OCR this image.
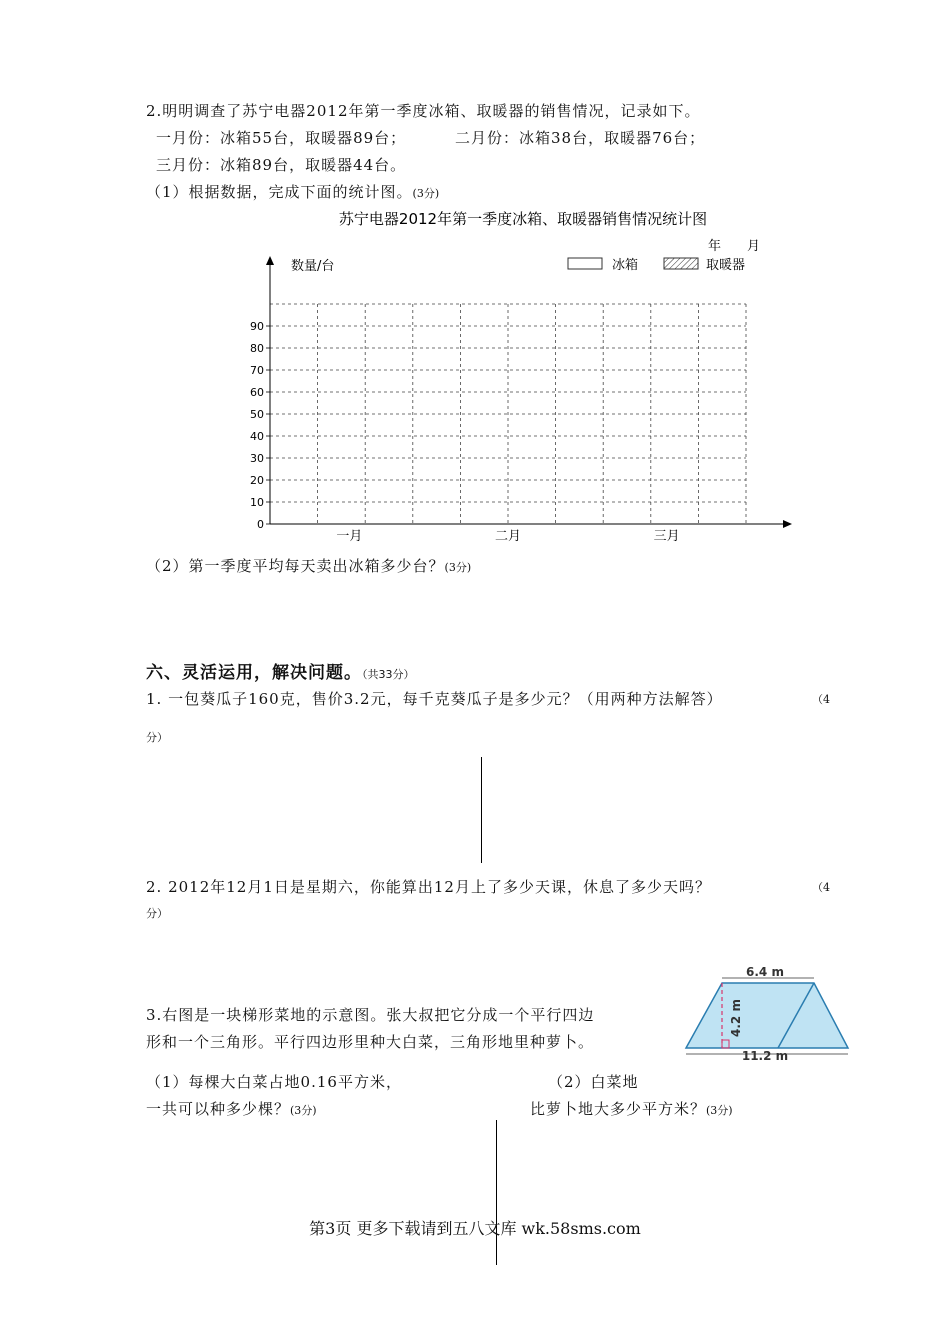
2.明明调查了苏宁电器2012年第一季度冰箱、取暖器的销售情况，记录如下。
一月份：冰箱55台，取暖器89台；	二月份：冰箱38台，取暖器76台；
三月份：冰箱89台，取暖器44台。
（1）根据数据，完成下面的统计图。(3分)
苏宁电器2012年第一季度冰箱、取暖器销售情况统计图
年　　月
数量/台	冰箱	取暖器
0
10
20
30
40
50
60
70
80
90
一月	二月	三月
（2）第一季度平均每天卖出冰箱多少台？(3分)
六、灵活运用，解决问题。（共33分）
1. 一包葵瓜子160克，售价3.2元，每千克葵瓜子是多少元？（用两种方法解答）	（4
分）
2. 2012年12月1日是星期六，你能算出12月上了多少天课，休息了多少天吗？	（4
分）
3.右图是一块梯形菜地的示意图。张大叔把它分成一个平行四边
形和一个三角形。平行四边形里种大白菜，三角形地里种萝卜。
6.4 m
4.2 m
11.2 m
（1）每棵大白菜占地0.16平方米，
一共可以种多少棵？(3分)
（2）白菜地
比萝卜地大多少平方米？(3分)
第3页 更多下载请到五八文库 wk.58sms.com
